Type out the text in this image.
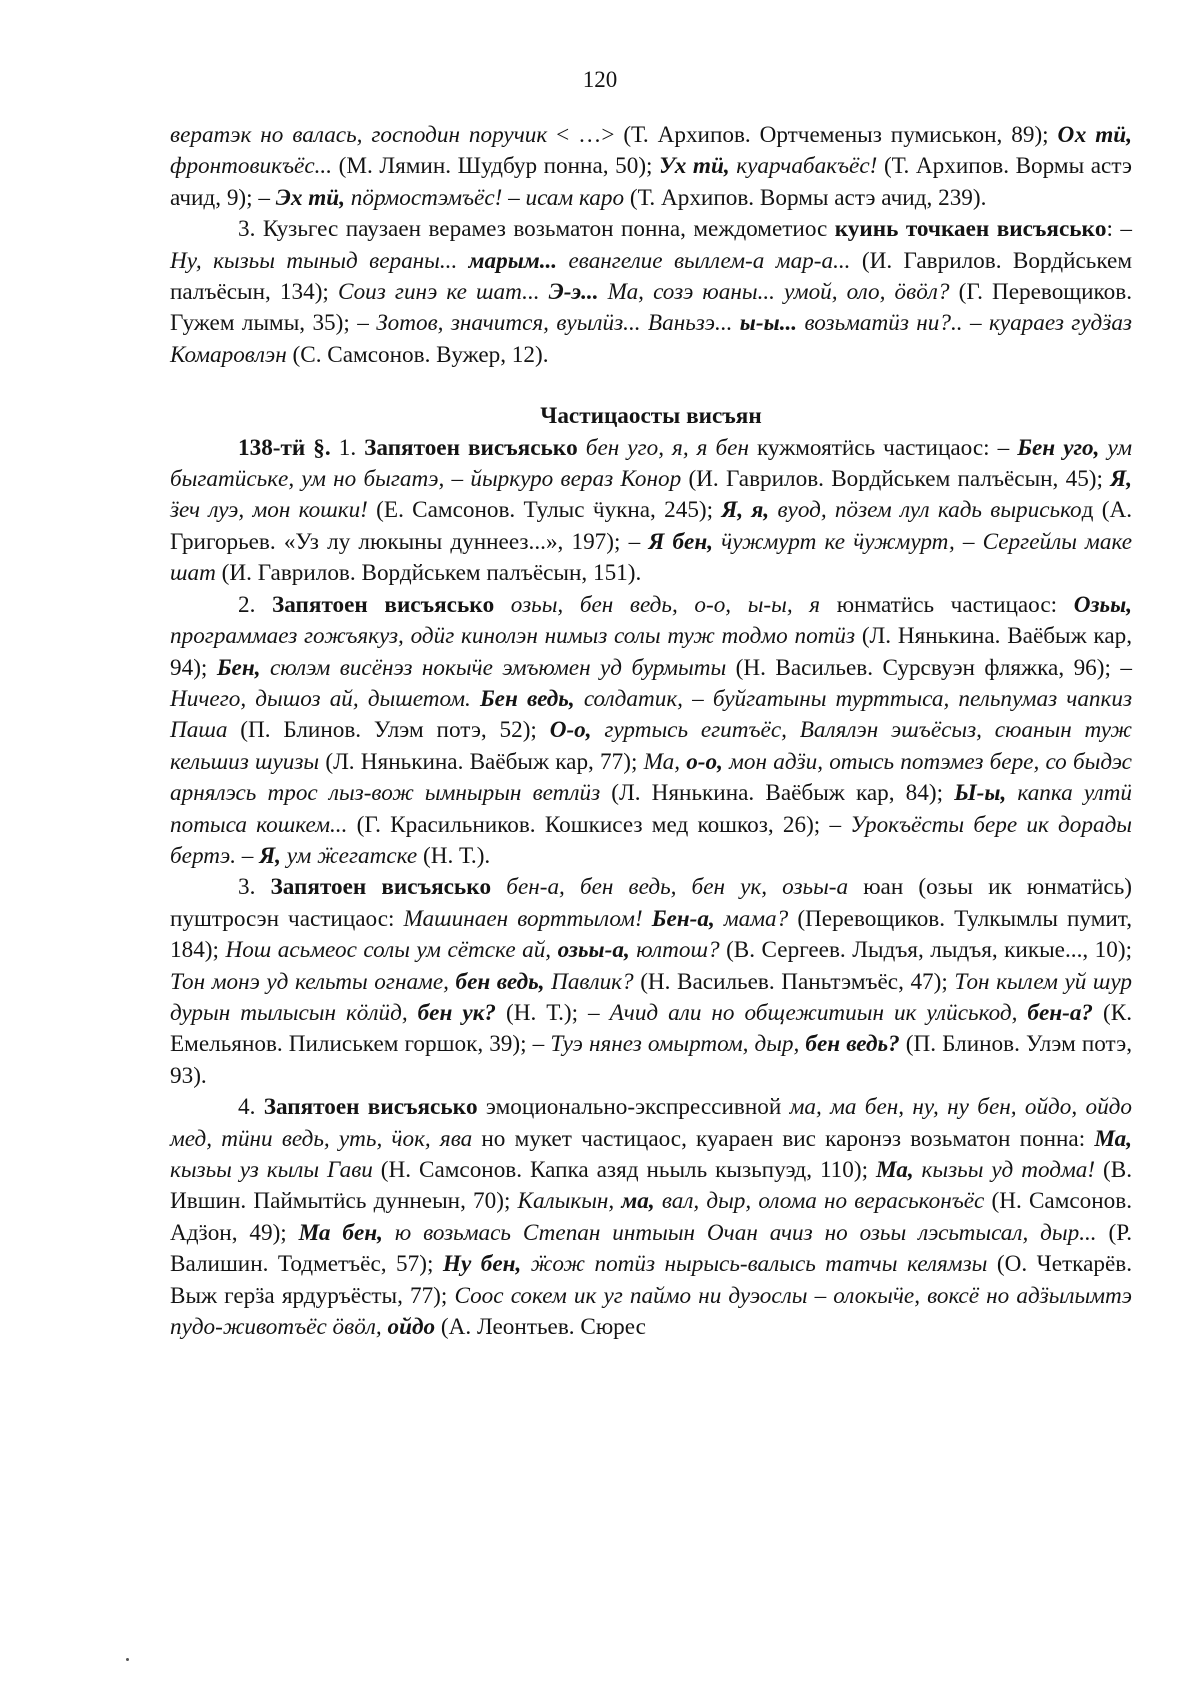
120

вератэк но валась, господин поручик < …> (Т. Архипов. Ортчеменыз пумиськон, 89); Ох тӥ, фронтовикъёс... (М. Лямин. Шудбур понна, 50); Ух тӥ, куарчабакъёс! (Т. Архипов. Вормы астэ ачид, 9); – Эх тӥ, пӧрмостэмъёс! – исам каро (Т. Архипов. Вормы астэ ачид, 239).

3. Кузьгес паузаен верамез возьматон понна, междометиос куинь точкаен висъяськo: – Ну, кызьы тыныд вераны... марым... евангелие выллем-а мар-а... (И. Гаврилов. Вордйськем палъёсын, 134); Соиз гинэ ке шат... Э-э... Ма, созэ юаны... умой, оло, ӧвӧл? (Г. Перевощиков. Гужем лымы, 35); – Зотов, значится, вуылӥз... Ваньзэ... ы-ы... возьматӥз ни?.. – куараез гудӟаз Комаровлэн (С. Самсонов. Вужер, 12).

Частицаосты висъян

138-тӥ §. 1. Запятоен висъяськo бен уго, я, я бен кужмоятӥсь частицаос: – Бен уго, ум быгатӥськe, ум но быгатэ, – йыркуро вераз Конор (И. Гаврилов. Вордйськем палъёсын, 45); Я, ӟеч луэ, мон кошки! (Е. Самсонов. Тулыс ӵукна, 245); Я, я, вуод, пӧзем лул кадь выриськод (А. Григорьев. «Уз лу люкыны дуннеез...», 197); – Я бен, ӵужмурт ке ӵужмурт, – Сергейлы маке шат (И. Гаврилов. Вордйськем палъёсын, 151).

2. Запятоен висъяськo озьы, бен ведь, о-о, ы-ы, я юнматӥсь частицаос: Озьы, программаез гожъякуз, одӥг кинолэн нимыз солы туж тодмо потӥз (Л. Нянькина. Ваёбыж кар, 94); Бен, сюлэм висёнэз нокыӵе эмъюмен уд бурмыты (Н. Васильев. Сурсвуэн фляжка, 96); – Ничего, дышоз ай, дышетом. Бен ведь, солдатик, – буйгатыны турттыса, пельпумаз чапкиз Паша (П. Блинов. Улэм потэ, 52); О-о, гуртысь егитъёс, Валялэн эшъёсыз, сюанын туж кельшиз шуизы (Л. Нянькина. Ваёбыж кар, 77); Ма, о-о, мон адӟи, отысь потэмез бере, со быдэс арнялэсь трос лыз-вож ымнырын ветлӥз (Л. Нянькина. Ваёбыж кар, 84); Ы-ы, капка ултӥ потыса кошкем... (Г. Красильников. Кошкисез мед кошкоз, 26); – Урокъёсты бере ик дорады бертэ. – Я, ум ӝегатске (Н. Т.).

3. Запятоен висъяськo бен-а, бен ведь, бен ук, озьы-а юан (озьы ик юнматӥсь) пуштросэн частицаос: Машинаен ворттылом! Бен-а, мама? (Перевощиков. Тулкымлы пумит, 184); Нош асьмеос солы ум сётске ай, озьы-а, юлтош? (В. Сергеев. Лыдъя, лыдъя, кикые..., 10); Тон монэ уд кельты огнаме, бен ведь, Павлик? (Н. Васильев. Паньтэмъёс, 47); Тон кылем уй шур дурын тылысын кӧлӥд, бен ук? (Н. Т.); – Ачид али но общежитиын ик улӥськод, бен-а? (К. Емельянов. Пилиськем горшок, 39); – Туэ нянез омыртом, дыр, бен ведь? (П. Блинов. Улэм потэ, 93).

4. Запятоен висъяськo эмоционально-экспрессивной ма, ма бен, ну, ну бен, ойдо, ойдо мед, тӥни ведь, уть, ӵок, ява но мукет частицаос, куараен вис каронэз возьматон понна: Ма, кызьы уз кылы Гави (Н. Самсонов. Капка азяд ньыль кызьпуэд, 110); Ма, кызьы уд тодма! (В. Ившин. Паймытӥсь дуннеын, 70); Калыкын, ма, вал, дыр, олома но вераськонъёс (Н. Самсонов. Адӟон, 49); Ма бен, ю возьмась Степан интыын Очан ачиз но озьы лэсьтысал, дыр... (Р. Валишин. Тодметъёс, 57); Ну бен, ӝож потӥз нырысь-валысь татчы келямзы (О. Четкарёв. Выж герӟа ярдуръёсты, 77); Соос сокем ик уг паймо ни дуэослы – олокыӵе, воксё но адӟылымтэ пудо-животъёс ӧвӧл, ойдо (А. Леонтьев. Сюрес
